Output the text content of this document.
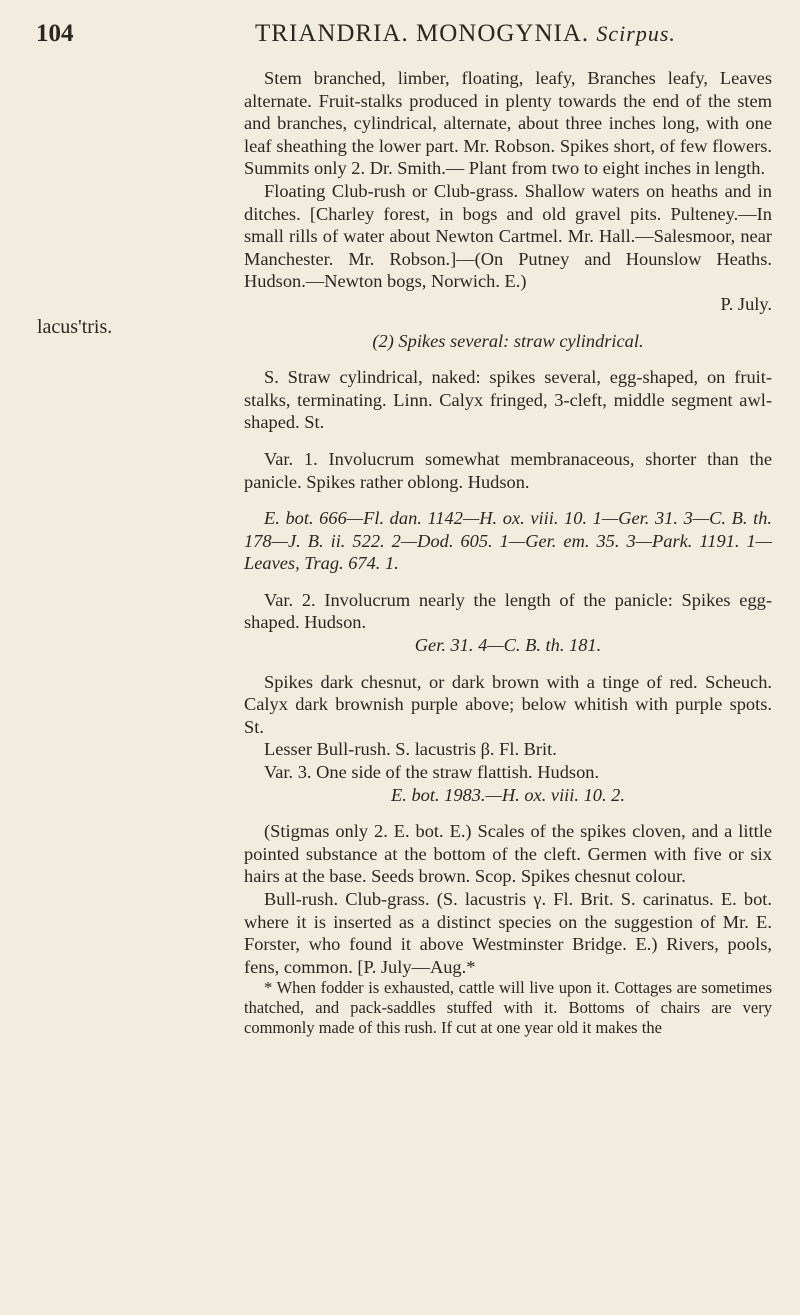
104	TRIANDRIA. MONOGYNIA. Scirpus.
lacus'tris.

Stem branched, limber, floating, leafy, Branches leafy, Leaves alternate. Fruit-stalks produced in plenty towards the end of the stem and branches, cylindrical, alternate, about three inches long, with one leaf sheathing the lower part. Mr. Robson. Spikes short, of few flowers. Summits only 2. Dr. Smith.— Plant from two to eight inches in length.

Floating Club-rush or Club-grass. Shallow waters on heaths and in ditches. [Charley forest, in bogs and old gravel pits. Pulteney.—In small rills of water about Newton Cartmel. Mr. Hall.—Salesmoor, near Manchester. Mr. Robson.]—(On Putney and Hounslow Heaths. Hudson.—Newton bogs, Norwich. E.)

P. July.

(2) Spikes several: straw cylindrical.

S. Straw cylindrical, naked: spikes several, egg-shaped, on fruit-stalks, terminating. Linn. Calyx fringed, 3-cleft, middle segment awl-shaped. St.

Var. 1. Involucrum somewhat membranaceous, shorter than the panicle. Spikes rather oblong. Hudson.

E. bot. 666—Fl. dan. 1142—H. ox. viii. 10. 1—Ger. 31. 3—C. B. th. 178—J. B. ii. 522. 2—Dod. 605. 1—Ger. em. 35. 3—Park. 1191. 1—Leaves, Trag. 674. 1.

Var. 2. Involucrum nearly the length of the panicle: Spikes egg-shaped. Hudson.

Ger. 31. 4—C. B. th. 181.

Spikes dark chesnut, or dark brown with a tinge of red. Scheuch. Calyx dark brownish purple above; below whitish with purple spots. St.

Lesser Bull-rush. S. lacustris β. Fl. Brit.

Var. 3. One side of the straw flattish. Hudson.

E. bot. 1983.—H. ox. viii. 10. 2.

(Stigmas only 2. E. bot. E.) Scales of the spikes cloven, and a little pointed substance at the bottom of the cleft. Germen with five or six hairs at the base. Seeds brown. Scop. Spikes chesnut colour.

Bull-rush. Club-grass. (S. lacustris γ. Fl. Brit. S. carinatus. E. bot. where it is inserted as a distinct species on the suggestion of Mr. E. Forster, who found it above Westminster Bridge. E.) Rivers, pools, fens, common. [P. July—Aug.*

* When fodder is exhausted, cattle will live upon it. Cottages are sometimes thatched, and pack-saddles stuffed with it. Bottoms of chairs are very commonly made of this rush. If cut at one year old it makes the
